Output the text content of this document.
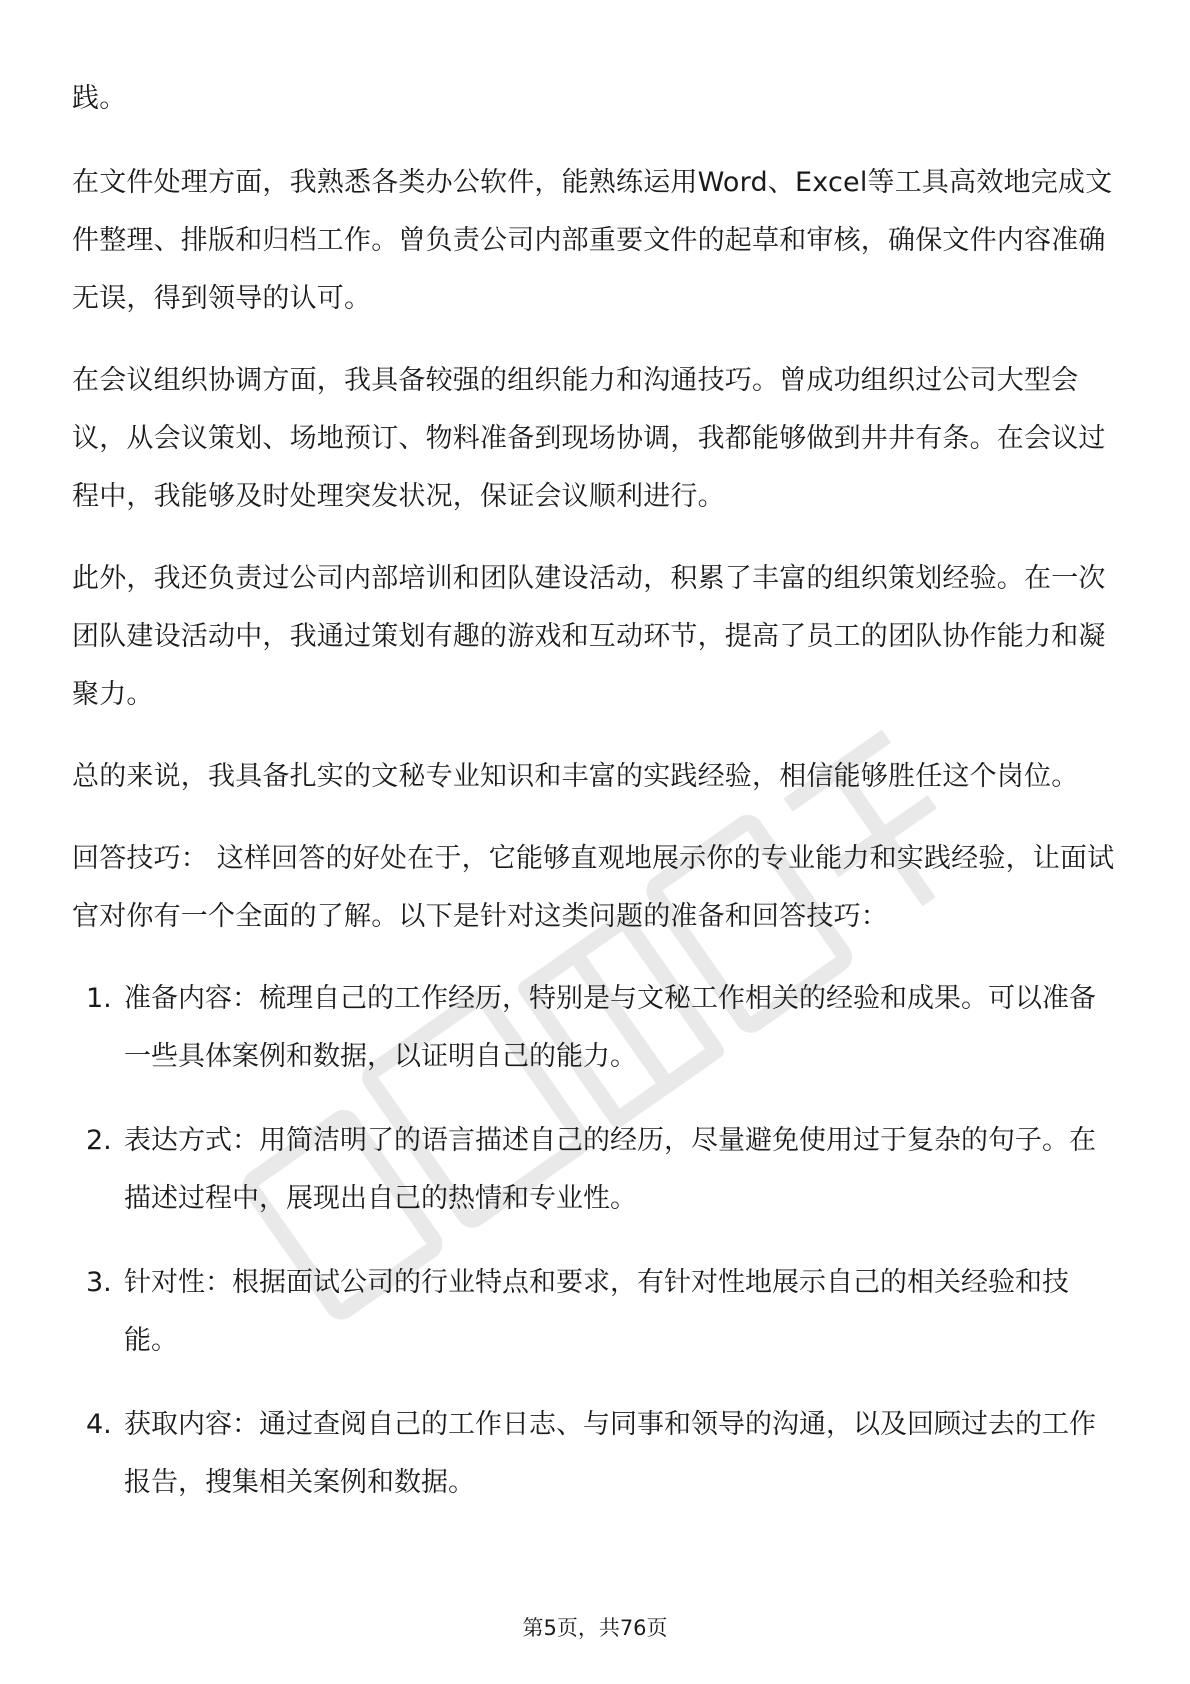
践。

在文件处理方面，我熟悉各类办公软件，能熟练运用Word、Excel等工具高效地完成文件整理、排版和归档工作。曾负责公司内部重要文件的起草和审核，确保文件内容准确无误，得到领导的认可。

在会议组织协调方面，我具备较强的组织能力和沟通技巧。曾成功组织过公司大型会议，从会议策划、场地预订、物料准备到现场协调，我都能够做到井井有条。在会议过程中，我能够及时处理突发状况，保证会议顺利进行。

此外，我还负责过公司内部培训和团队建设活动，积累了丰富的组织策划经验。在一次团队建设活动中，我通过策划有趣的游戏和互动环节，提高了员工的团队协作能力和凝聚力。

总的来说，我具备扎实的文秘专业知识和丰富的实践经验，相信能够胜任这个岗位。

回答技巧： 这样回答的好处在于，它能够直观地展示你的专业能力和实践经验，让面试官对你有一个全面的了解。以下是针对这类问题的准备和回答技巧：

1. 准备内容：梳理自己的工作经历，特别是与文秘工作相关的经验和成果。可以准备一些具体案例和数据，以证明自己的能力。
2. 表达方式：用简洁明了的语言描述自己的经历，尽量避免使用过于复杂的句子。在描述过程中，展现出自己的热情和专业性。
3. 针对性：根据面试公司的行业特点和要求，有针对性地展示自己的相关经验和技能。
4. 获取内容：通过查阅自己的工作日志、与同事和领导的沟通，以及回顾过去的工作报告，搜集相关案例和数据。
第5页，共76页
